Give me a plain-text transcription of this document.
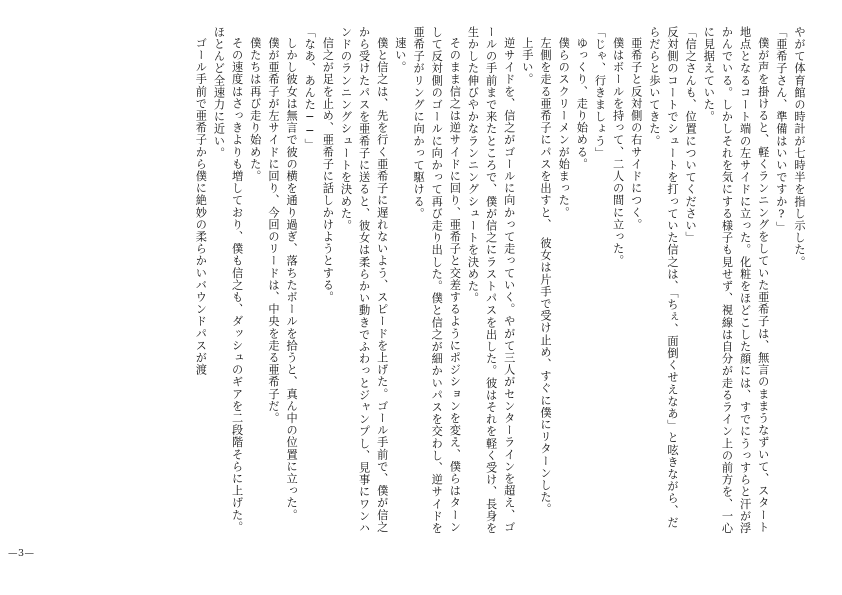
やがて体育館の時計が七時半を指し示した。

「亜希子さん、準備はいいですか?」

僕が声を掛けると、軽くランニングをしていた亜希子は、無言のままうなずいて、スタート地点となるコート端の左サイドに立った。化粧をほどこした顔には、すでにうっすらと汗が浮かんでいる。しかしそれを気にする様子も見せず、視線は自分が走るライン上の前方を、一心に見据えていた。

「信之さんも、位置についてください」

反対側のコートでシュートを打っていた信之は、「ちぇ、面倒くせえなあ」と呟きながら、だらだらと歩いてきた。

亜希子と反対側の右サイドにつく。

僕はボールを持って、二人の間に立った。

「じゃ、行きましょう」

ゆっくり、走り始める。

僕らのスクリーメンが始まった。

左側を走る亜希子にパスを出すと、　彼女は片手で受け止め、すぐに僕にリターンした。

上手い。

逆サイドを、信之がゴールに向かって走っていく。やがて三人がセンターラインを超え、ゴールの手前まで来たところで、僕が信之にラストパスを出した。彼はそれを軽く受け、長身を生かした伸びやかなランニングシュートを決めた。

そのまま信之は逆サイドに回り、亜希子と交差するようにポジションを変え、僕らはターンして反対側のゴールに向かって再び走り出した。僕と信之が細かいパスを交わし、逆サイドを亜希子がリングに向かって駆ける。

速い。

僕と信之は、先を行く亜希子に遅れないよう、スピードを上げた。ゴール手前で、僕が信之から受けたパスを亜希子に送ると、彼女は柔らかい動きでふわっとジャンプし、見事にワンハンドのランニングシュートを決めた。

信之が足を止め、亜希子に話しかけようとする。

「なあ、あんた──」

しかし彼女は無言で彼の横を通り過ぎ、落ちたボールを拾うと、真ん中の位置に立った。

僕が亜希子が左サイドに回り、今回のリードは、中央を走る亜希子だ。

僕たちは再び走り始めた。

その速度はさっきよりも増しており、僕も信之も、ダッシュのギアを二段階そらに上げた。ほとんど全速力に近い。

ゴール手前で亜希子から僕に絶妙の柔らかいバウンドパスが渡

—3—
